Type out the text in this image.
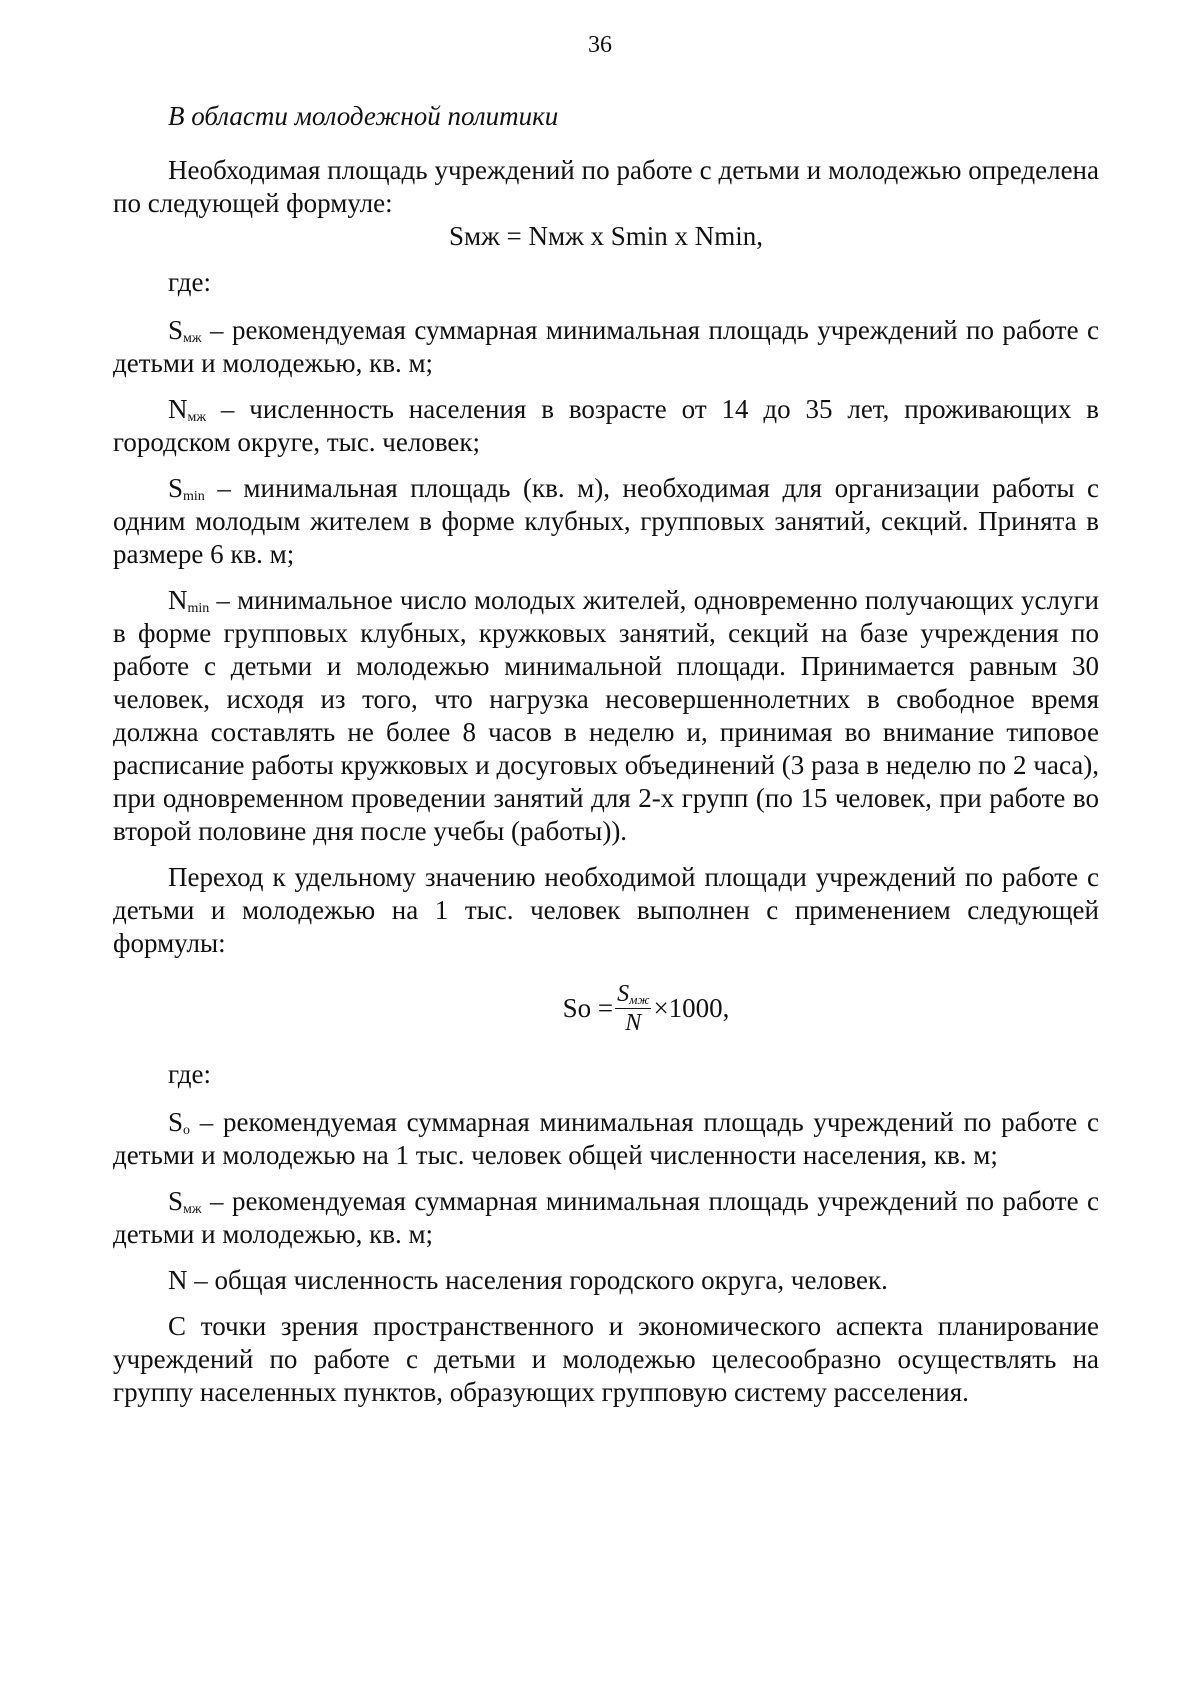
36
В области молодежной политики

Необходимая площадь учреждений по работе с детьми и молодежью определена по следующей формуле:

Sмж = Nмж х Smin х Nmin,
где:

$S_{мж}$ – рекомендуемая суммарная минимальная площадь учреждений по работе с детьми и молодежью, кв. м;

$N_{мж}$ – численность населения в возрасте от 14 до 35 лет, проживающих в городском округе, тыс. человек;

$S_{min}$ – минимальная площадь (кв. м), необходимая для организации работы с одним молодым жителем в форме клубных, групповых занятий, секций. Принята в размере 6 кв. м;

$N_{min}$ – минимальное число молодых жителей, одновременно получающих услуги в форме групповых клубных, кружковых занятий, секций на базе учреждения по работе с детьми и молодежью минимальной площади. Принимается равным 30 человек, исходя из того, что нагрузка несовершеннолетних в свободное время должна составлять не более 8 часов в неделю и, принимая во внимание типовое расписание работы кружковых и досуговых объединений (3 раза в неделю по 2 часа), при одновременном проведении занятий для 2-х групп (по 15 человек, при работе во второй половине дня после учебы (работы)).

Переход к удельному значению необходимой площади учреждений по работе с детьми и молодежью на 1 тыс. человек выполнен с применением следующей формулы:

$So = \frac{S_{мж}}{N} \times 1000$,
где:

$S_о$ – рекомендуемая суммарная минимальная площадь учреждений по работе с детьми и молодежью на 1 тыс. человек общей численности населения, кв. м;

$S_{мж}$ – рекомендуемая суммарная минимальная площадь учреждений по работе с детьми и молодежью, кв. м;

N – общая численность населения городского округа, человек.

С точки зрения пространственного и экономического аспекта планирование учреждений по работе с детьми и молодежью целесообразно осуществлять на группу населенных пунктов, образующих групповую систему расселения.
